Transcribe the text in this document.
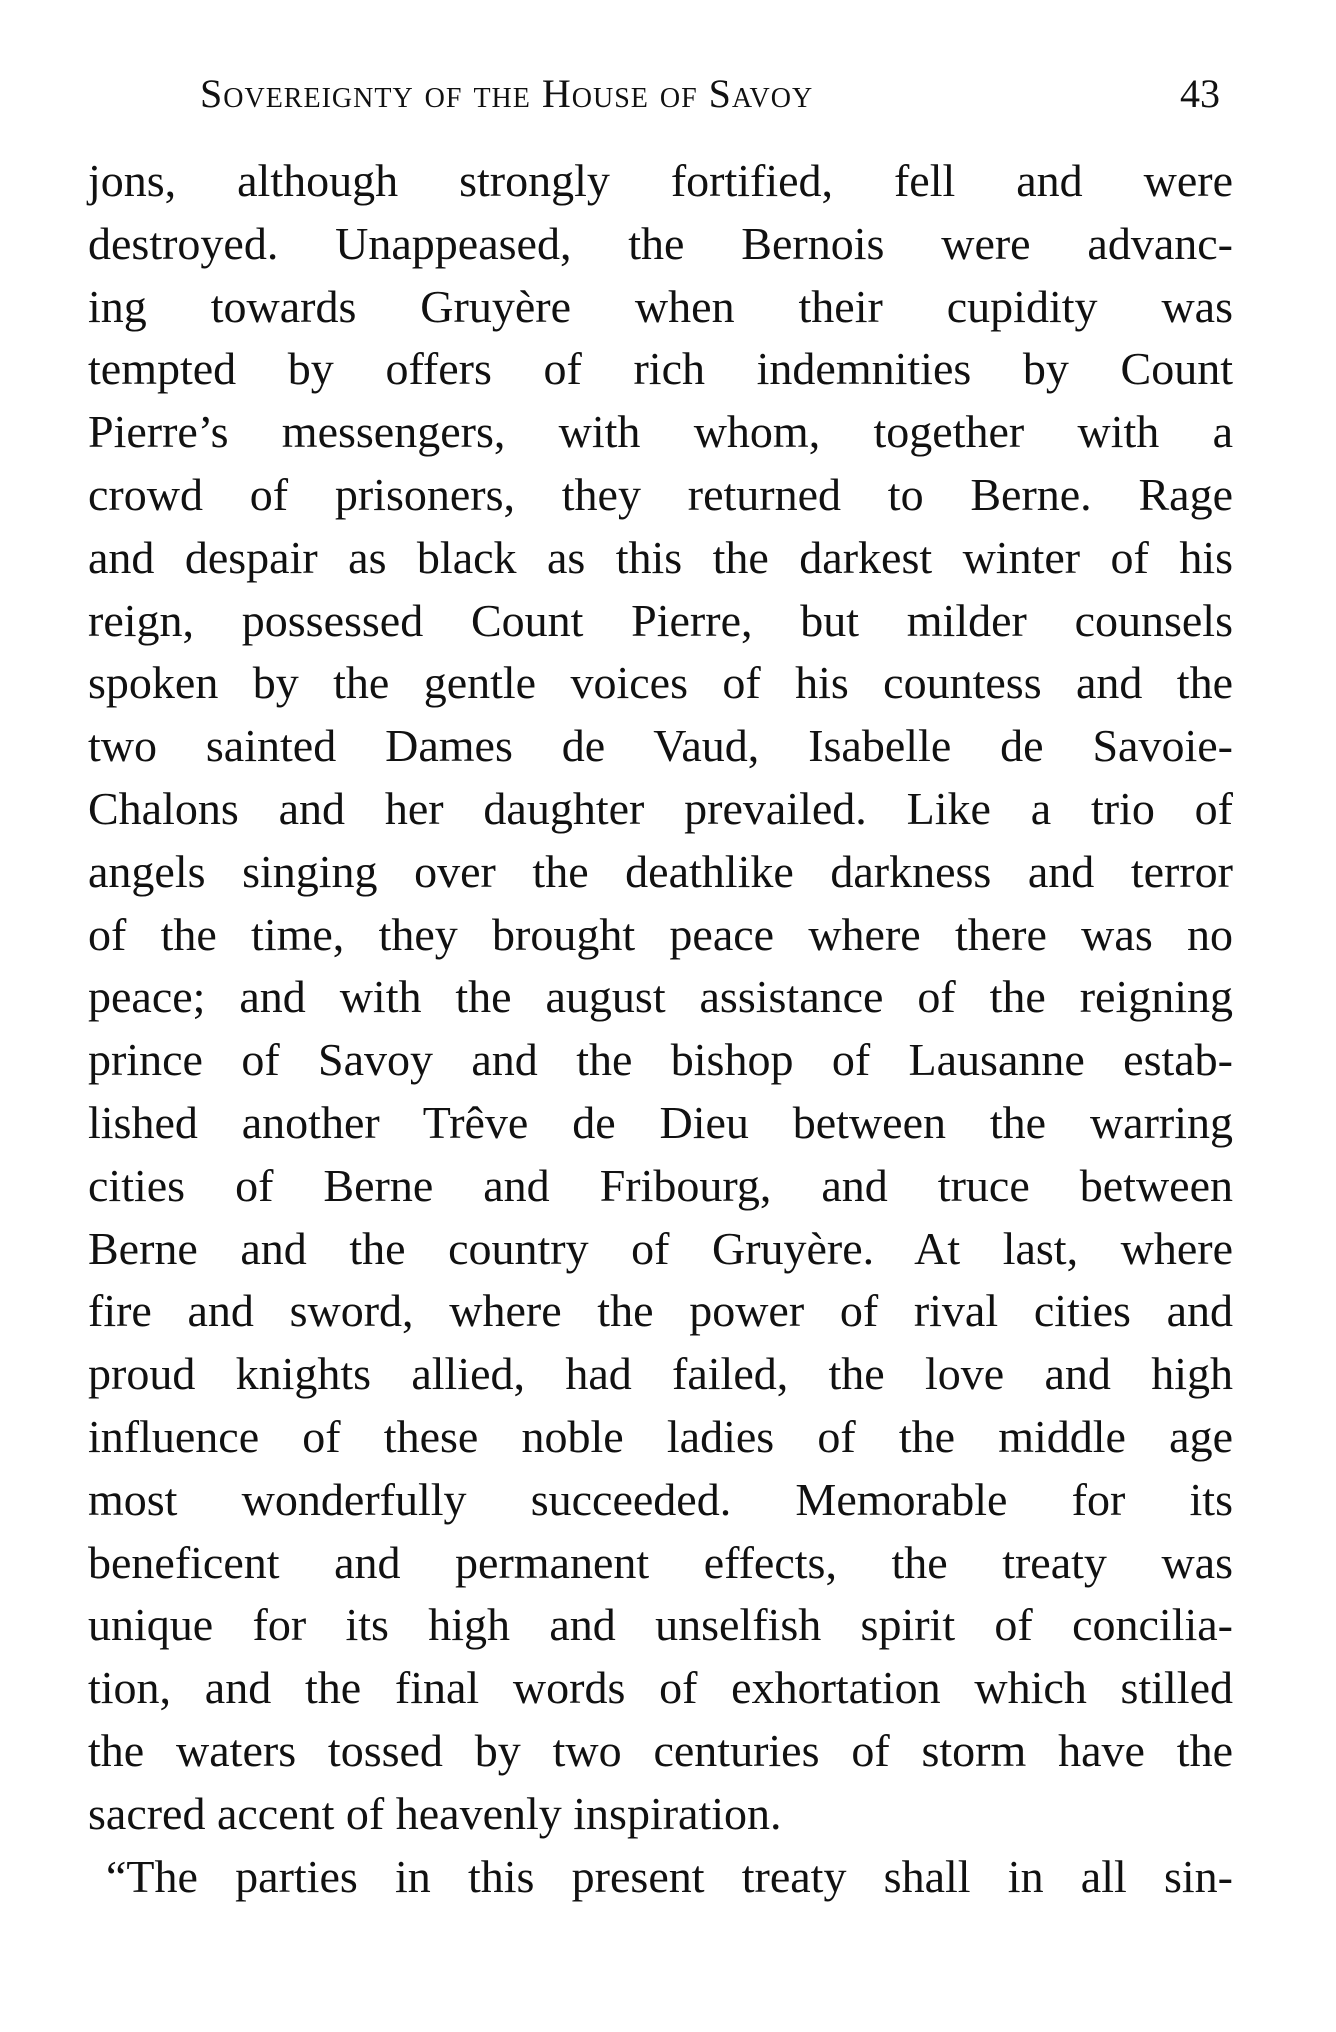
Sovereignty of the House of Savoy	43
jons, although strongly fortified, fell and were
destroyed. Unappeased, the Bernois were advanc-
ing towards Gruyère when their cupidity was
tempted by offers of rich indemnities by Count
Pierre’s messengers, with whom, together with a
crowd of prisoners, they returned to Berne. Rage
and despair as black as this the darkest winter of his
reign, possessed Count Pierre, but milder counsels
spoken by the gentle voices of his countess and the
two sainted Dames de Vaud, Isabelle de Savoie-
Chalons and her daughter prevailed. Like a trio of
angels singing over the deathlike darkness and terror
of the time, they brought peace where there was no
peace; and with the august assistance of the reigning
prince of Savoy and the bishop of Lausanne estab-
lished another Trêve de Dieu between the warring
cities of Berne and Fribourg, and truce between
Berne and the country of Gruyère. At last, where
fire and sword, where the power of rival cities and
proud knights allied, had failed, the love and high
influence of these noble ladies of the middle age
most wonderfully succeeded. Memorable for its
beneficent and permanent effects, the treaty was
unique for its high and unselfish spirit of concilia-
tion, and the final words of exhortation which stilled
the waters tossed by two centuries of storm have the
sacred accent of heavenly inspiration.
“The parties in this present treaty shall in all sin-
